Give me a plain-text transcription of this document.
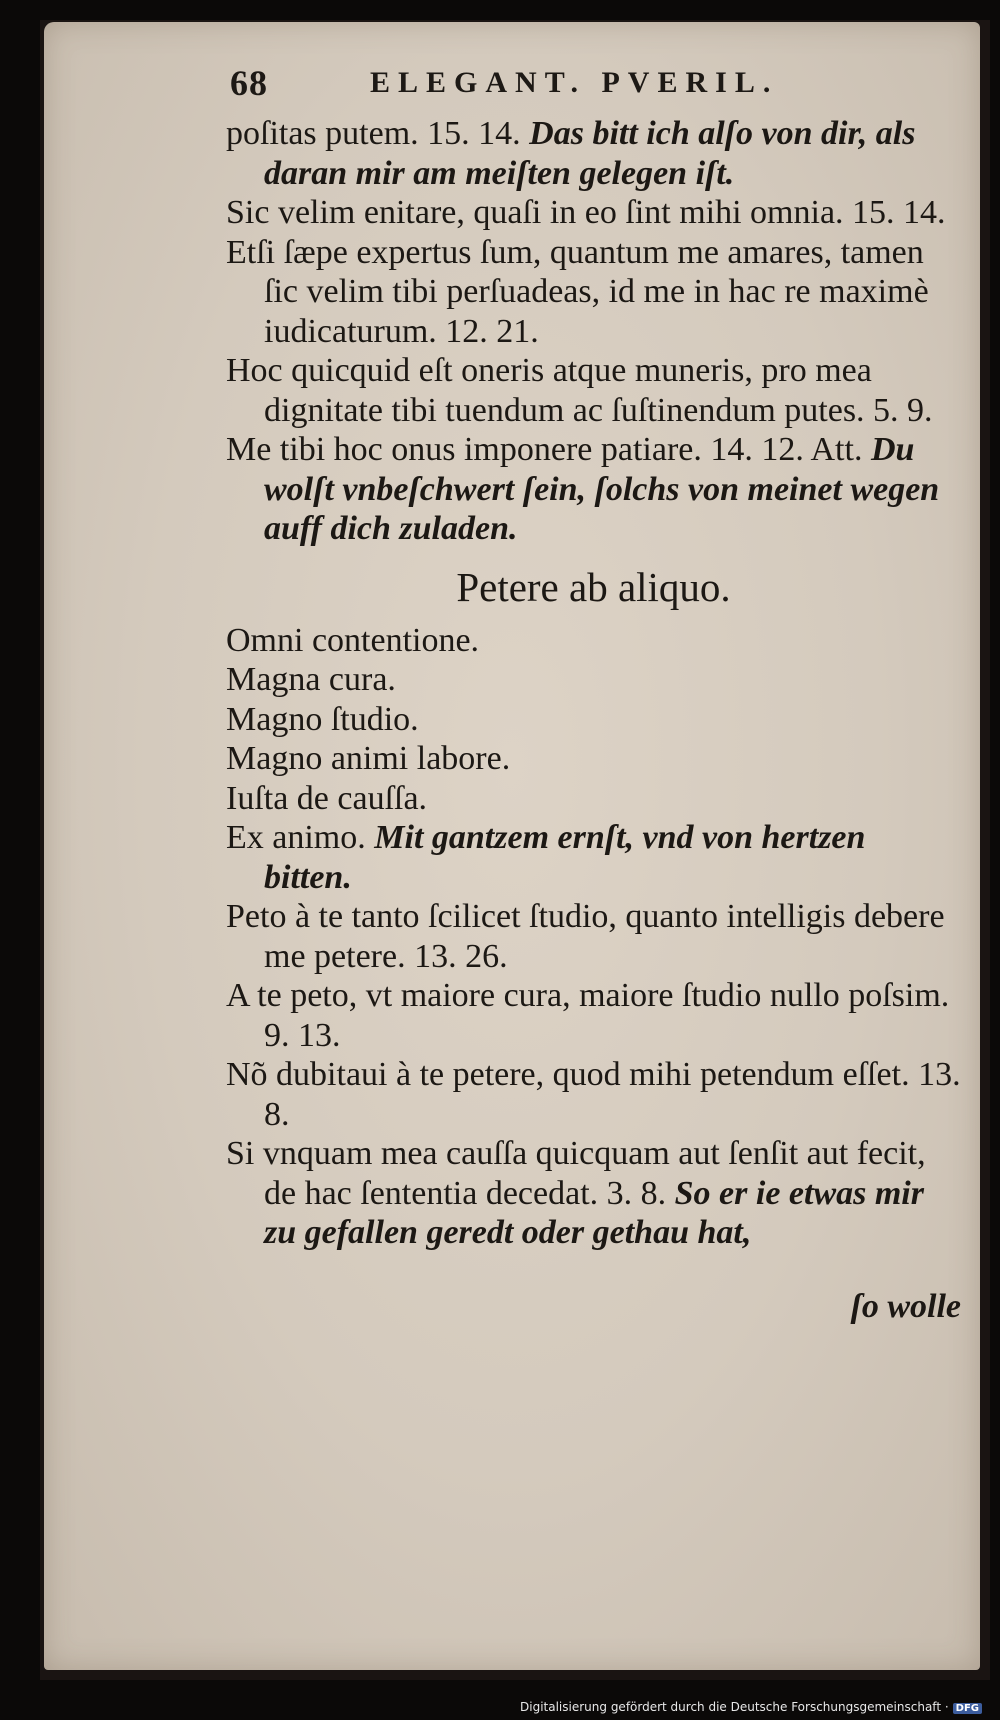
68	ELEGANT. PVERIL.

poſitas putem. 15. 14. Das bitt ich alſo von dir, als daran mir am meiſten gelegen iſt.

Sic velim enitare, quaſi in eo ſint mihi omnia. 15. 14.

Etſi ſæpe expertus ſum, quantum me amares, tamen ſic velim tibi perſuadeas, id me in hac re maximè iudicaturum. 12. 21.

Hoc quicquid eſt oneris atque muneris, pro mea dignitate tibi tuendum ac ſuſtinendum putes. 5. 9.

Me tibi hoc onus imponere patiare. 14. 12. Att. Du wolſt vnbeſchwert ſein, ſolchs von meinet wegen auff dich zuladen.

Petere ab aliquo.

Omni contentione.

Magna cura.

Magno ſtudio.

Magno animi labore.

Iuſta de cauſſa.

Ex animo. Mit gantzem ernſt, vnd von hertzen bitten.

Peto à te tanto ſcilicet ſtudio, quanto intelligis debere me petere. 13. 26.

A te peto, vt maiore cura, maiore ſtudio nullo poſsim. 9. 13.

Nõ dubitaui à te petere, quod mihi petendum eſſet. 13. 8.

Si vnquam mea cauſſa quicquam aut ſenſit aut fecit, de hac ſententia decedat. 3. 8. So er ie etwas mir zu gefallen geredt oder gethau hat,

ſo wolle

Digitalisierung gefördert durch die Deutsche Forschungsgemeinschaft · DFG
